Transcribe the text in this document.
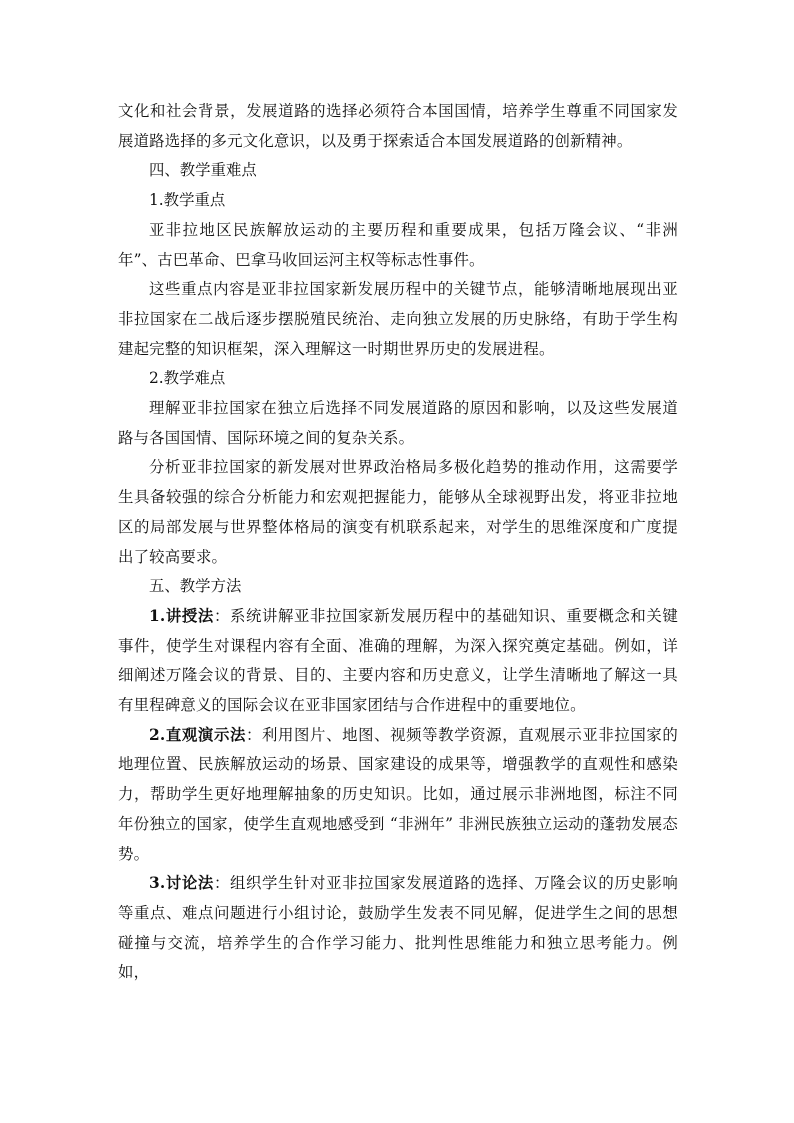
文化和社会背景，发展道路的选择必须符合本国国情，培养学生尊重不同国家发展道路选择的多元文化意识，以及勇于探索适合本国发展道路的创新精神。

四、教学重难点

1.教学重点

亚非拉地区民族解放运动的主要历程和重要成果，包括万隆会议、“非洲年”、古巴革命、巴拿马收回运河主权等标志性事件。

这些重点内容是亚非拉国家新发展历程中的关键节点，能够清晰地展现出亚非拉国家在二战后逐步摆脱殖民统治、走向独立发展的历史脉络，有助于学生构建起完整的知识框架，深入理解这一时期世界历史的发展进程。

2.教学难点

理解亚非拉国家在独立后选择不同发展道路的原因和影响，以及这些发展道路与各国国情、国际环境之间的复杂关系。

分析亚非拉国家的新发展对世界政治格局多极化趋势的推动作用，这需要学生具备较强的综合分析能力和宏观把握能力，能够从全球视野出发，将亚非拉地区的局部发展与世界整体格局的演变有机联系起来，对学生的思维深度和广度提出了较高要求。

五、教学方法

1.讲授法：系统讲解亚非拉国家新发展历程中的基础知识、重要概念和关键事件，使学生对课程内容有全面、准确的理解，为深入探究奠定基础。例如，详细阐述万隆会议的背景、目的、主要内容和历史意义，让学生清晰地了解这一具有里程碑意义的国际会议在亚非国家团结与合作进程中的重要地位。

2.直观演示法：利用图片、地图、视频等教学资源，直观展示亚非拉国家的地理位置、民族解放运动的场景、国家建设的成果等，增强教学的直观性和感染力，帮助学生更好地理解抽象的历史知识。比如，通过展示非洲地图，标注不同年份独立的国家，使学生直观地感受到 “非洲年” 非洲民族独立运动的蓬勃发展态势。

3.讨论法：组织学生针对亚非拉国家发展道路的选择、万隆会议的历史影响等重点、难点问题进行小组讨论，鼓励学生发表不同见解，促进学生之间的思想碰撞与交流，培养学生的合作学习能力、批判性思维能力和独立思考能力。例如，
